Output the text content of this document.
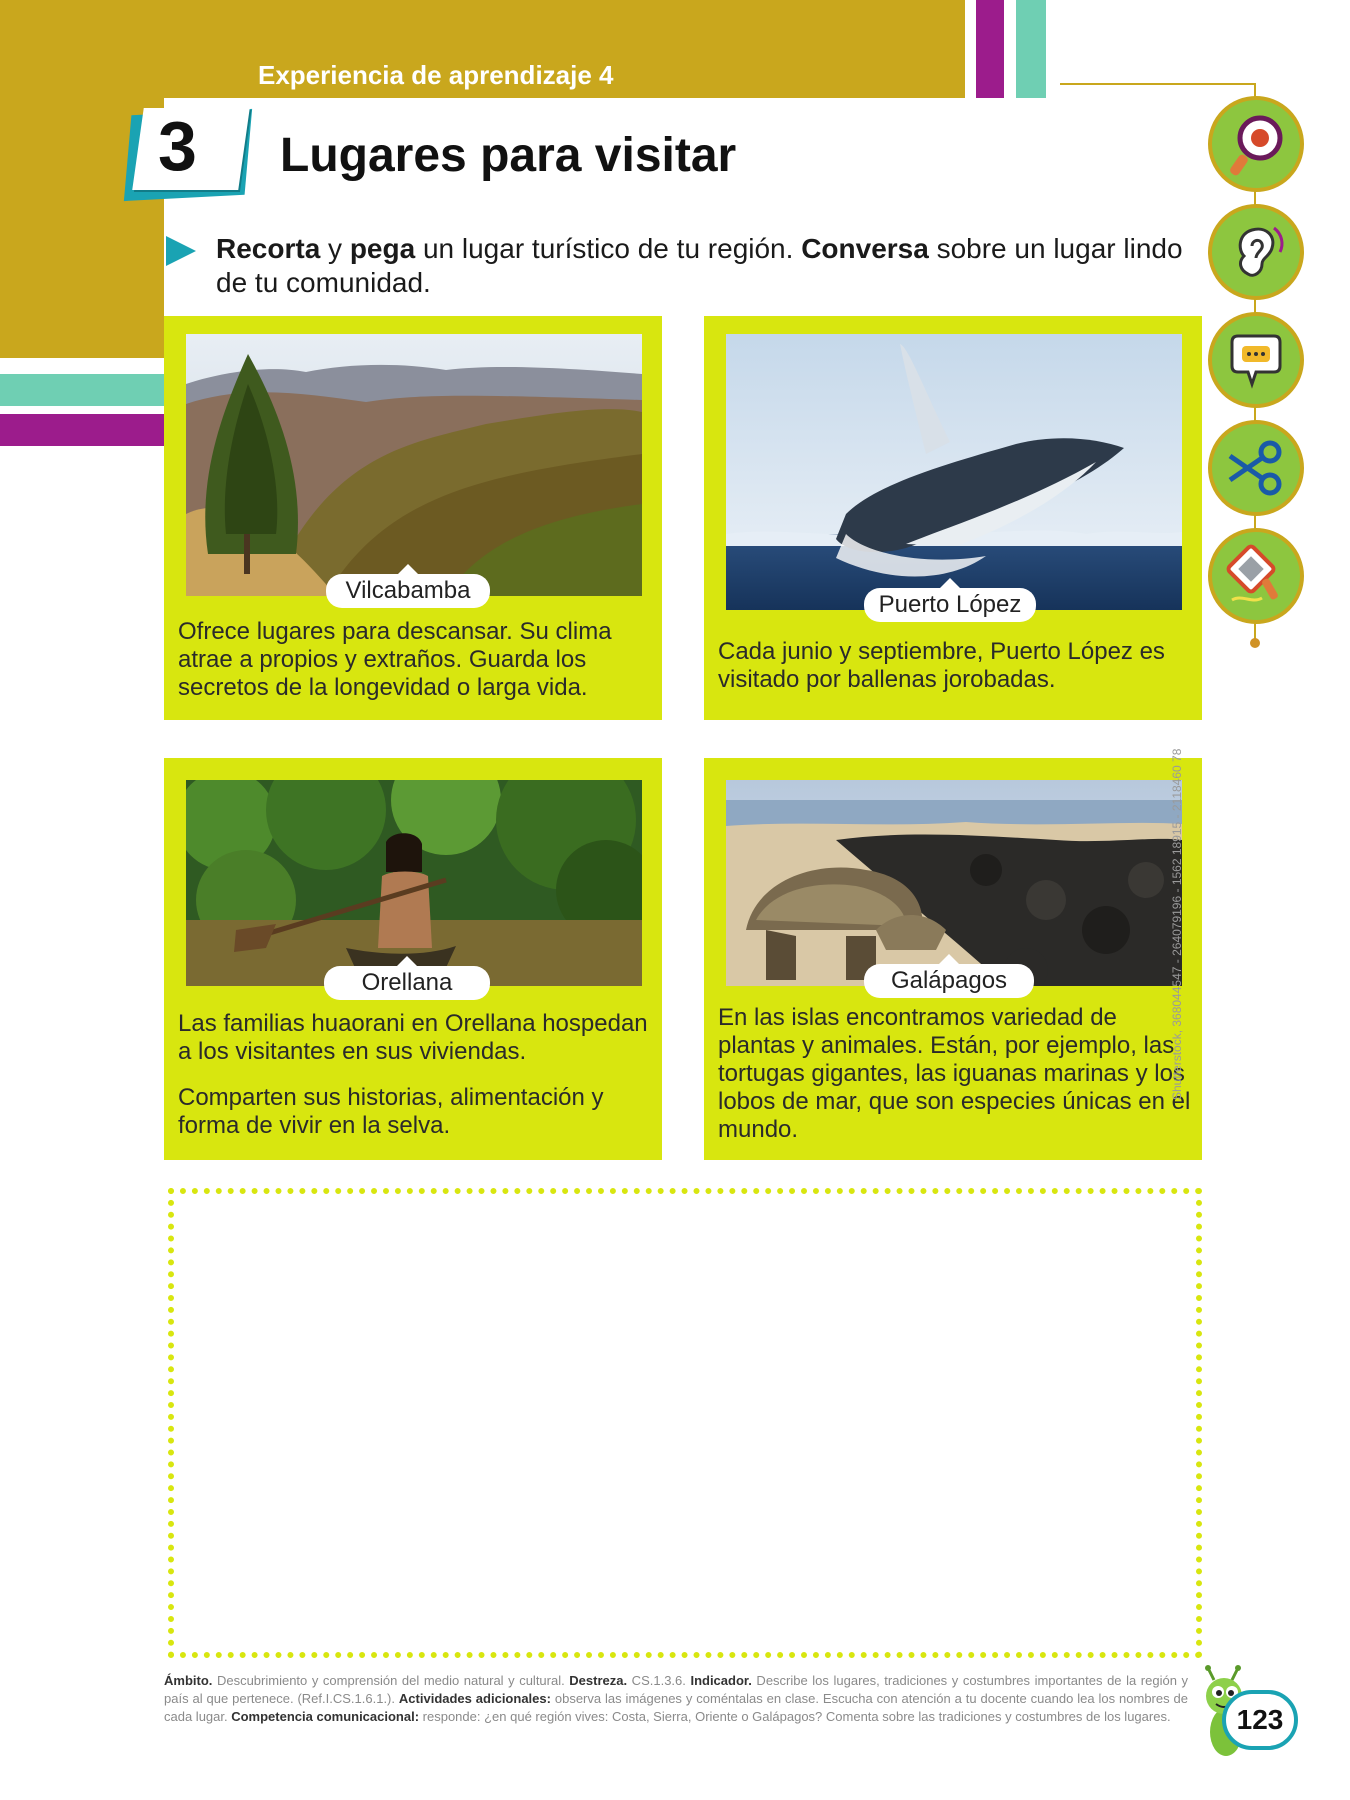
Experiencia de aprendizaje 4
3 Lugares para visitar
Recorta y pega un lugar turístico de tu región. Conversa sobre un lugar lindo de tu comunidad.
Vilcabamba
Ofrece lugares para descansar. Su clima atrae a propios y extraños. Guarda los secretos de la longevidad o larga vida.
Puerto López
Cada junio y septiembre, Puerto López es visitado por ballenas jorobadas.
Orellana
Las familias huaorani en Orellana hospedan a los visitantes en sus viviendas.
Comparten sus historias, alimentación y forma de vivir en la selva.
Galápagos
En las islas encontramos variedad de plantas y animales. Están, por ejemplo, las tortugas gigantes, las iguanas marinas y los lobos de mar, que son especies únicas en el mundo.
Shutterstock, 368044547 - 264079196 - 1562 18915 - 2118460 78
Ámbito. Descubrimiento y comprensión del medio natural y cultural. Destreza. CS.1.3.6. Indicador. Describe los lugares, tradiciones y costumbres importantes de la región y país al que pertenece. (Ref.I.CS.1.6.1.). Actividades adicionales: observa las imágenes y coméntalas en clase. Escucha con atención a tu docente cuando lea los nombres de cada lugar. Competencia comunicacional: responde: ¿en qué región vives: Costa, Sierra, Oriente o Galápagos? Comenta sobre las tradiciones y costumbres de los lugares.	123
